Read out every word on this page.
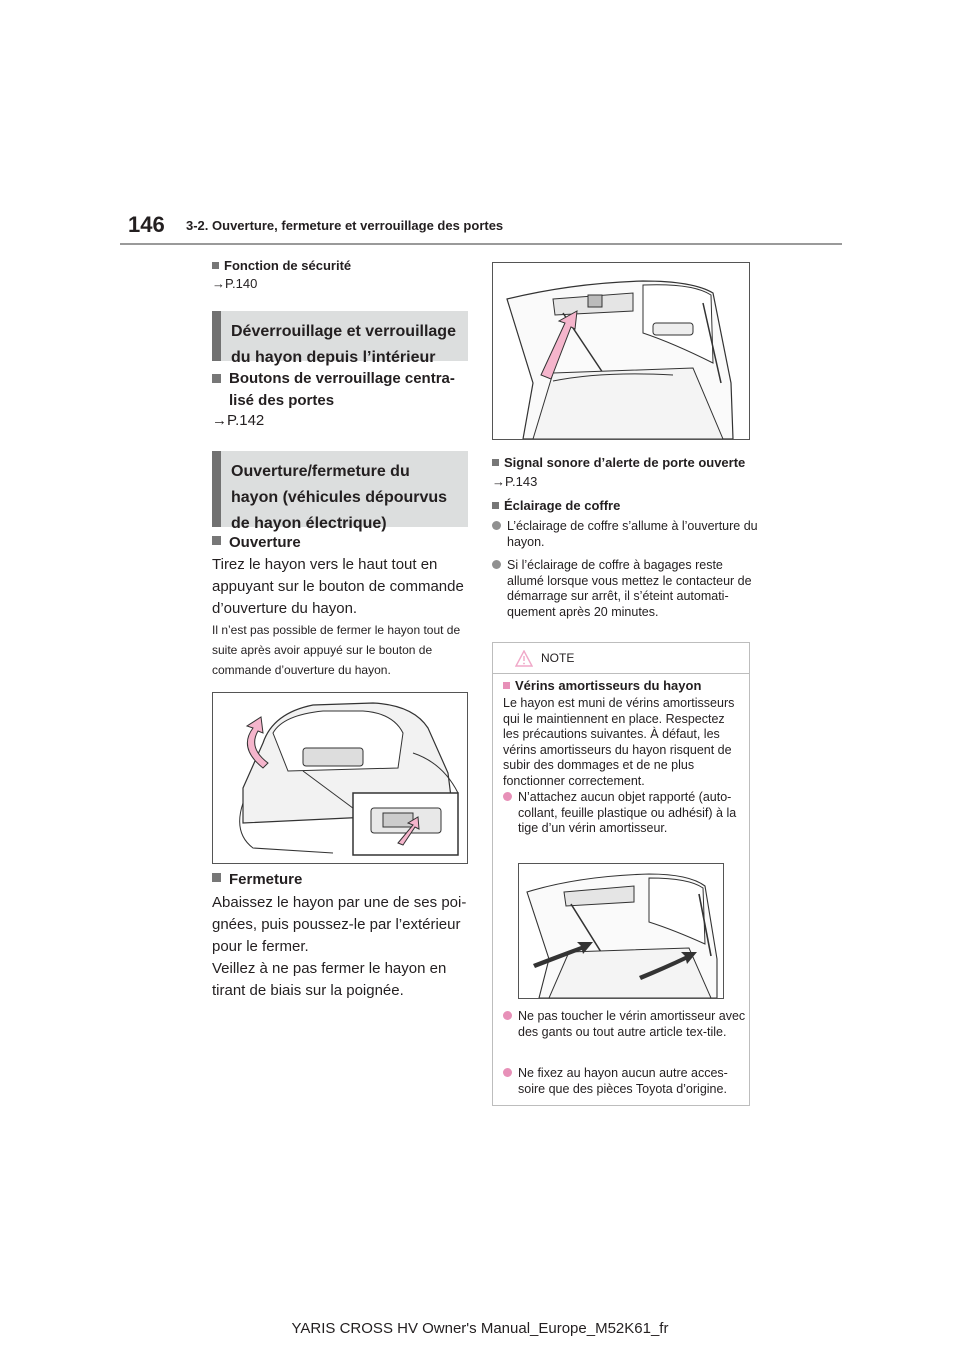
146 3-2. Ouverture, fermeture et verrouillage des portes
Fonction de sécurité
→P.140
Déverrouillage et verrouillage du hayon depuis l’intérieur
Boutons de verrouillage centra-lisé des portes
→P.142
Ouverture/fermeture du hayon (véhicules dépourvus de hayon électrique)
Ouverture
Tirez le hayon vers le haut tout en appuyant sur le bouton de commande d’ouverture du hayon.
Il n’est pas possible de fermer le hayon tout de suite après avoir appuyé sur le bouton de commande d’ouverture du hayon.
Fermeture
Abaissez le hayon par une de ses poi-gnées, puis poussez-le par l’extérieur pour le fermer.
Veillez à ne pas fermer le hayon en tirant de biais sur la poignée.
Signal sonore d’alerte de porte ouverte
→P.143
Éclairage de coffre
L’éclairage de coffre s’allume à l’ouverture du hayon.
Si l’éclairage de coffre à bagages reste allumé lorsque vous mettez le contacteur de démarrage sur arrêt, il s’éteint automati-quement après 20 minutes.
NOTE
Vérins amortisseurs du hayon
Le hayon est muni de vérins amortisseurs qui le maintiennent en place. Respectez les précautions suivantes. À défaut, les vérins amortisseurs du hayon risquent de subir des dommages et de ne plus fonctionner correctement.
N’attachez aucun objet rapporté (auto-collant, feuille plastique ou adhésif) à la tige d’un vérin amortisseur.
Ne pas toucher le vérin amortisseur avec des gants ou tout autre article tex-tile.
Ne fixez au hayon aucun autre acces-soire que des pièces Toyota d’origine.
YARIS CROSS HV Owner's Manual_Europe_M52K61_fr
